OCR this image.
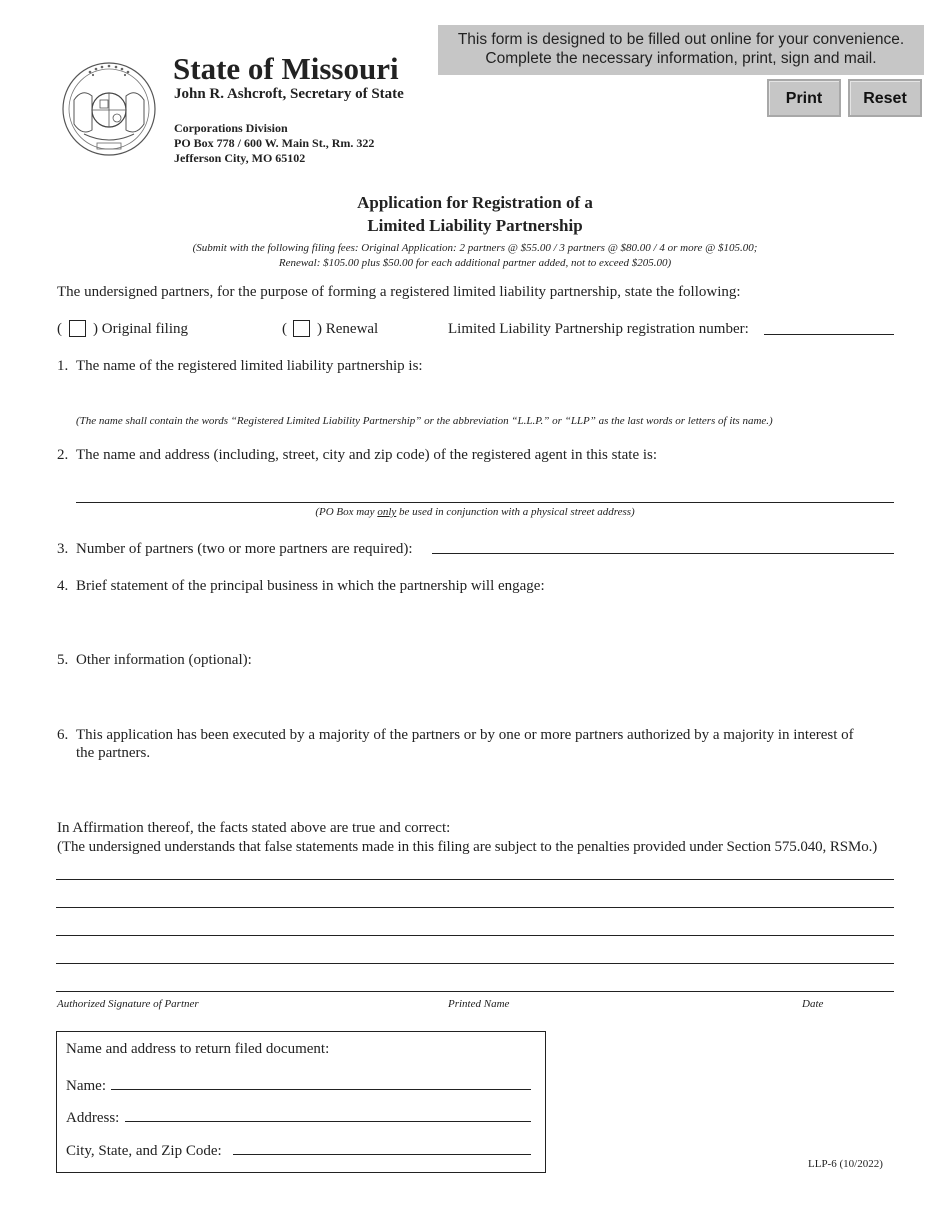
State of Missouri
John R. Ashcroft, Secretary of State
Corporations Division
PO Box 778 / 600 W. Main St., Rm. 322
Jefferson City, MO 65102
This form is designed to be filled out online for your convenience.
Complete the necessary information, print, sign and mail.
Print	Reset
Application for Registration of a
Limited Liability Partnership
(Submit with the following filing fees: Original Application: 2 partners @ $55.00 / 3 partners @ $80.00 / 4 or more @ $105.00;
Renewal: $105.00 plus $50.00 for each additional partner added, not to exceed $205.00)
The undersigned partners, for the purpose of forming a registered limited liability partnership, state the following:
( ) Original filing	( ) Renewal	Limited Liability Partnership registration number:
1. The name of the registered limited liability partnership is:
(The name shall contain the words “Registered Limited Liability Partnership” or the abbreviation “L.L.P.” or “LLP” as the last words or letters of its name.)
2. The name and address (including, street, city and zip code) of the registered agent in this state is:
(PO Box may only be used in conjunction with a physical street address)
3. Number of partners (two or more partners are required):
4. Brief statement of the principal business in which the partnership will engage:
5. Other information (optional):
6. This application has been executed by a majority of the partners or by one or more partners authorized by a majority in interest of
the partners.
In Affirmation thereof, the facts stated above are true and correct:
(The undersigned understands that false statements made in this filing are subject to the penalties provided under Section 575.040, RSMo.)
Authorized Signature of Partner	Printed Name	Date
Name and address to return filed document:
Name:
Address:
City, State, and Zip Code:
LLP-6 (10/2022)
